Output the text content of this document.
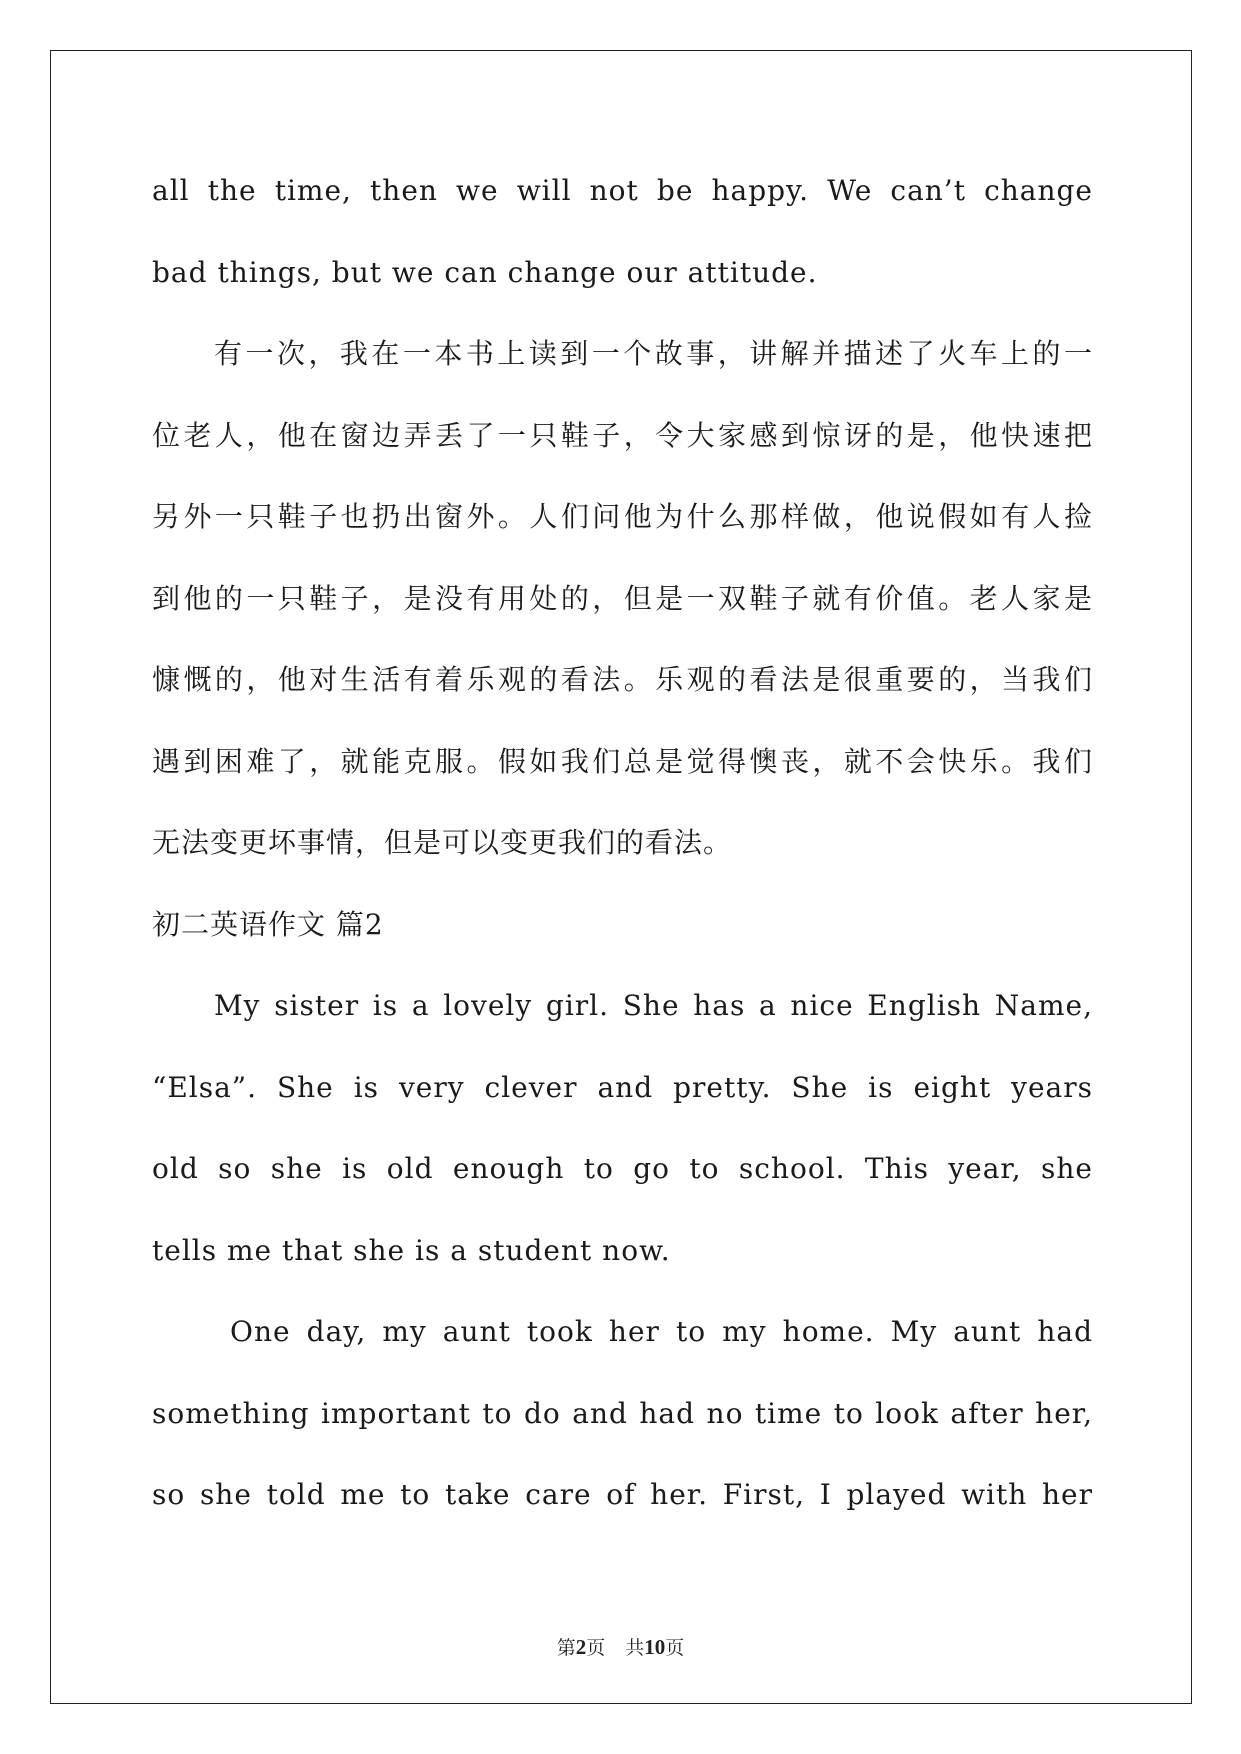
all the time, then we will not be happy. We can’t change
bad things, but we can change our attitude.
有一次，我在一本书上读到一个故事，讲解并描述了火车上的一
位老人，他在窗边弄丢了一只鞋子，令大家感到惊讶的是，他快速把
另外一只鞋子也扔出窗外。人们问他为什么那样做，他说假如有人捡
到他的一只鞋子，是没有用处的，但是一双鞋子就有价值。老人家是
慷慨的，他对生活有着乐观的看法。乐观的看法是很重要的，当我们
遇到困难了，就能克服。假如我们总是觉得懊丧，就不会快乐。我们
无法变更坏事情，但是可以变更我们的看法。
初二英语作文 篇2
My sister is a lovely girl. She has a nice English Name,
“Elsa”. She is very clever and pretty. She is eight years
old so she is old enough to go to school. This year, she
tells me that she is a student now.
One day, my aunt took her to my home. My aunt had
something important to do and had no time to look after her,
so she told me to take care of her. First, I played with her
第2页 共10页
